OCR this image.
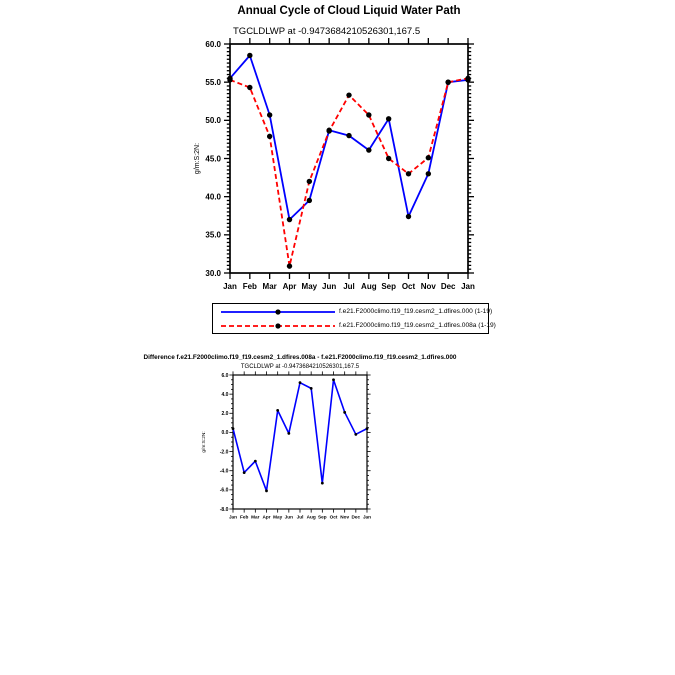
30.0
35.0
40.0
45.0
50.0
55.0
60.0
Jan Feb Mar Apr May Jun Jul Aug Sep Oct Nov Dec Jan
g/m:S:2N:
-8.0
-6.0
-4.0
-2.0
0.0
2.0
4.0
6.0
Jan Feb Mar Apr May Jun Jul Aug Sep Oct Nov Dec Jan
g/m:S:2N:
Annual Cycle of Cloud Liquid Water Path
TGCLDLWP at -0.9473684210526301,167.5
f.e21.F2000climo.f19_f19.cesm2_1.dfires.000 (1-19)
f.e21.F2000climo.f19_f19.cesm2_1.dfires.008a (1-19)
Difference f.e21.F2000climo.f19_f19.cesm2_1.dfires.008a - f.e21.F2000climo.f19_f19.cesm2_1.dfires.000
TGCLDLWP at -0.9473684210526301,167.5
